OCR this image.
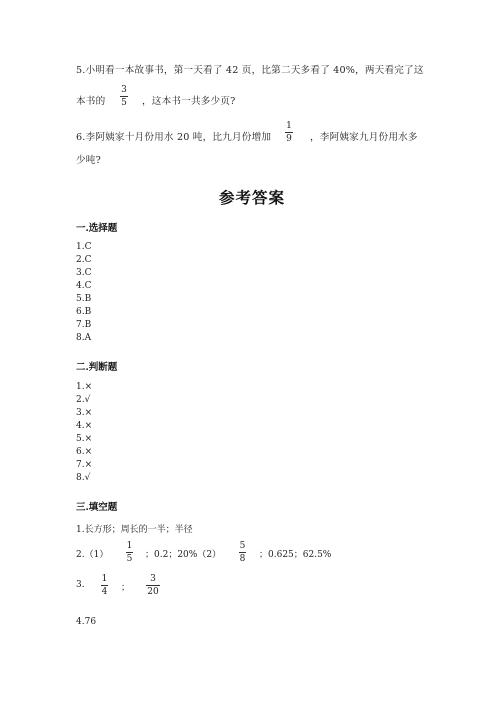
5.小明看一本故事书，第一天看了 42 页，比第二天多看了 40%，两天看完了这
本书的
3
5 ，这本书一共多少页?
6.李阿姨家十月份用水 20 吨，比九月份增加
1
9 ，李阿姨家九月份用水多
少吨?
参考答案
一.选择题
1.C
2.C
3.C
4.C
5.B
6.B
7.B
8.A
二.判断题
1.×
2.√
3.×
4.×
5.×
6.×
7.×
8.√
三.填空题
1.长方形；周长的一半；半径
2.（1）
1
5 ；0.2；20%（2）
5
8 ；0.625；62.5%
3.
1
4 ；
3
20
4.76
